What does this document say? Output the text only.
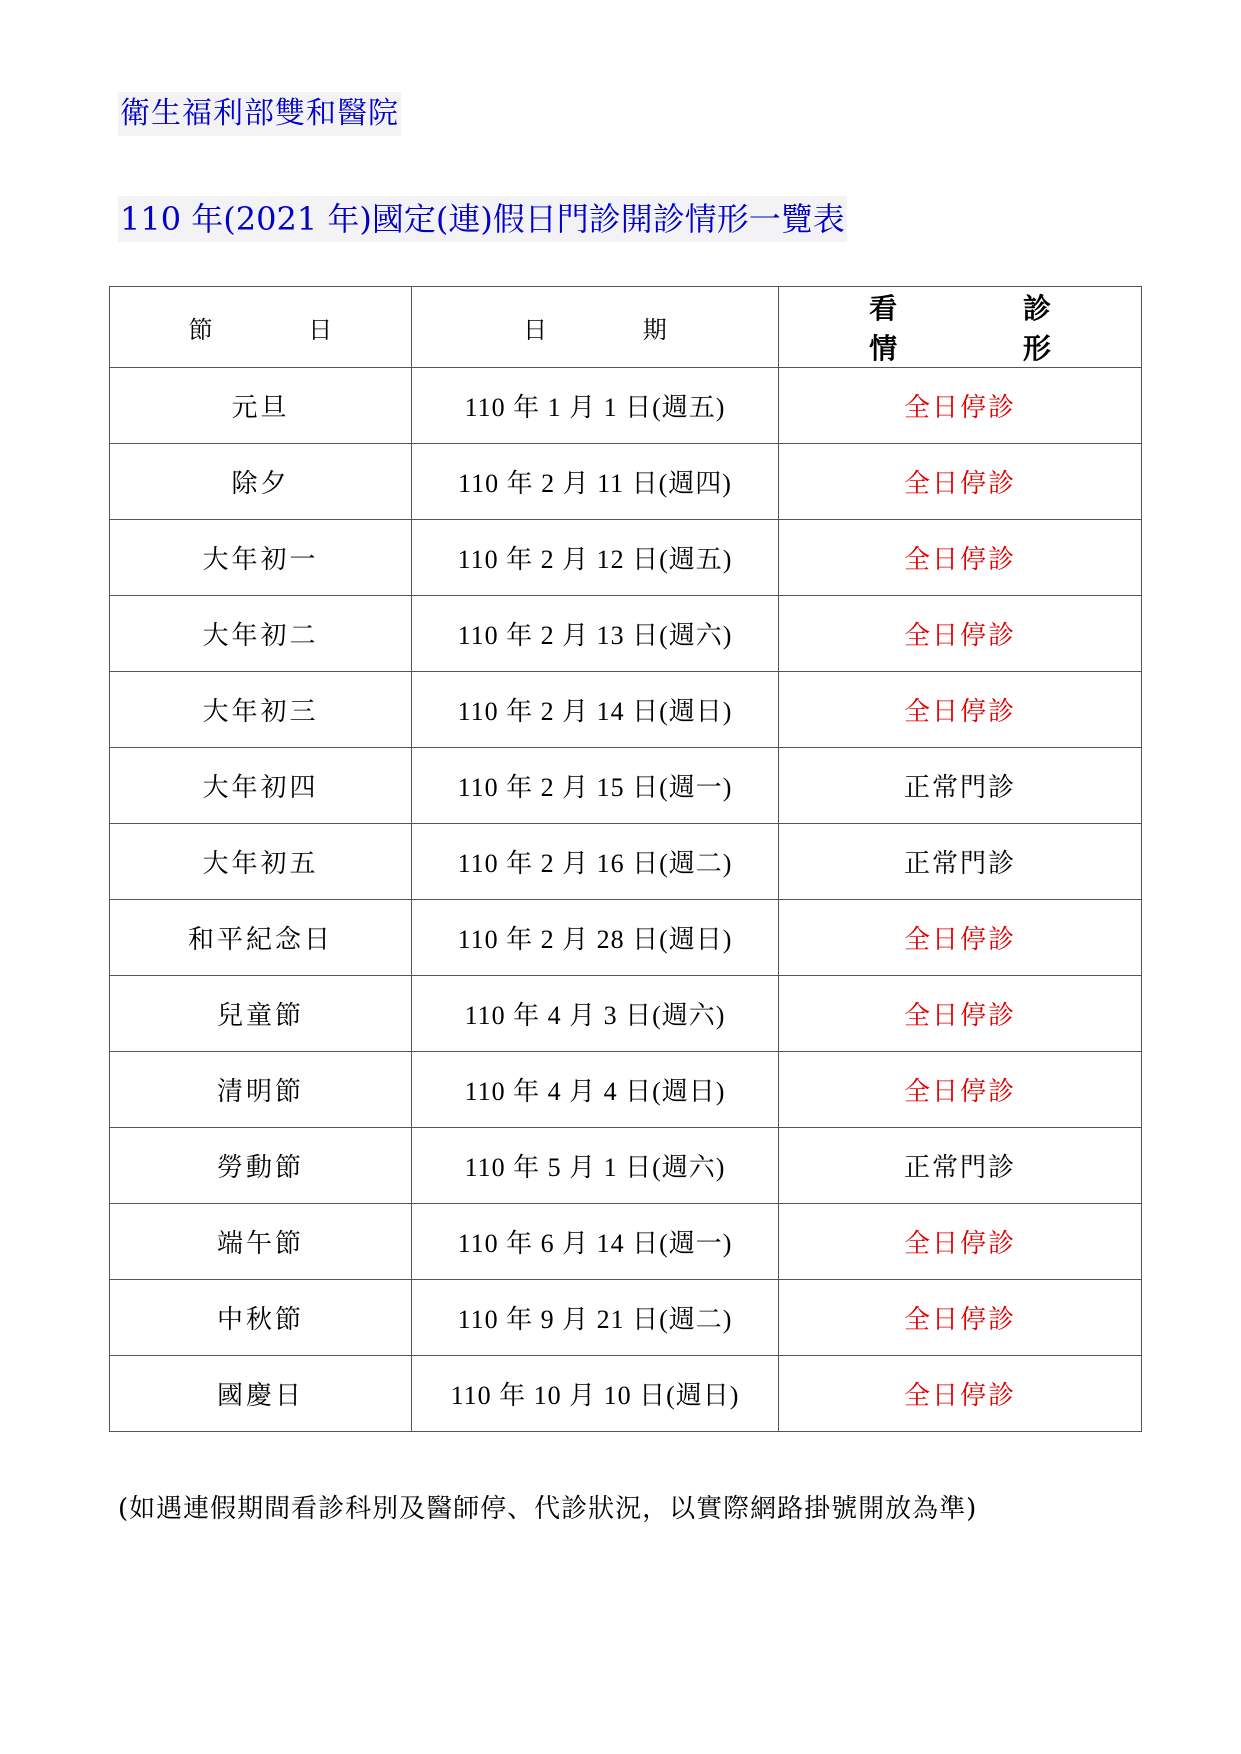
衛生福利部雙和醫院
110 年(2021 年)國定(連)假日門診開診情形一覽表
節 日	日 期	看 診 情 形
元旦	110 年 1 月 1 日(週五)	全日停診
除夕	110 年 2 月 11 日(週四)	全日停診
大年初一	110 年 2 月 12 日(週五)	全日停診
大年初二	110 年 2 月 13 日(週六)	全日停診
大年初三	110 年 2 月 14 日(週日)	全日停診
大年初四	110 年 2 月 15 日(週一)	正常門診
大年初五	110 年 2 月 16 日(週二)	正常門診
和平紀念日	110 年 2 月 28 日(週日)	全日停診
兒童節	110 年 4 月 3 日(週六)	全日停診
清明節	110 年 4 月 4 日(週日)	全日停診
勞動節	110 年 5 月 1 日(週六)	正常門診
端午節	110 年 6 月 14 日(週一)	全日停診
中秋節	110 年 9 月 21 日(週二)	全日停診
國慶日	110 年 10 月 10 日(週日)	全日停診
(如遇連假期間看診科別及醫師停、代診狀況，以實際網路掛號開放為準)
